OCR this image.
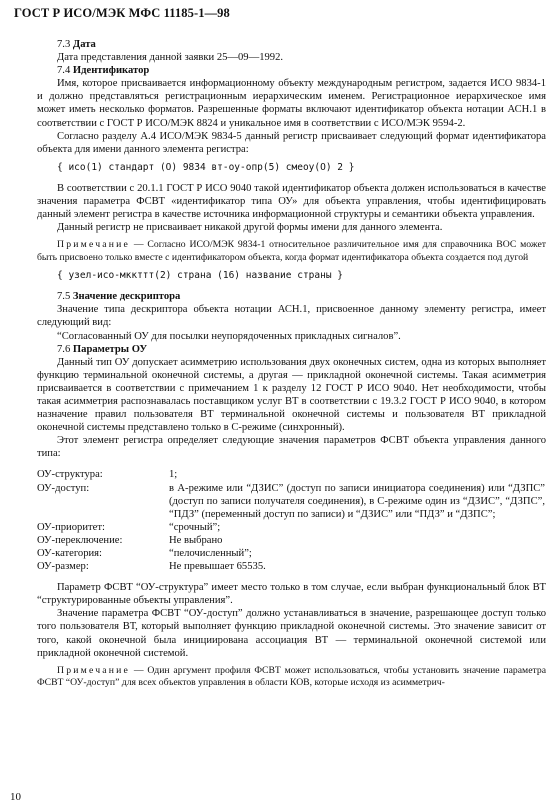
ГОСТ Р ИСО/МЭК МФС 11185-1—98

7.3 Дата

Дата представления данной заявки 25—09—1992.

7.4 Идентификатор

Имя, которое присваивается информационному объекту международным регистром, задается ИСО 9834-1 и должно представляться регистрационным иерархическим именем. Регистрационное иерархическое имя может иметь несколько форматов. Разрешенные форматы включают идентификатор объекта нотации АСН.1 в соответствии с ГОСТ Р ИСО/МЭК 8824 и уникальное имя в соответствии с ИСО/МЭК 9594-2.

Согласно разделу А.4 ИСО/МЭК 9834-5 данный регистр присваивает следующий формат идентификатора объекта для имени данного элемента регистра:

{ исо(1) стандарт (О) 9834 вт-оу-опр(5) смеоу(О) 2 }

В соответствии с 20.1.1 ГОСТ Р ИСО 9040 такой идентификатор объекта должен использоваться в качестве значения параметра ФСВТ «идентификатор типа ОУ» для объекта управления, чтобы идентифицировать данный элемент регистра в качестве источника информационной структуры и семантики объекта управления.

Данный регистр не присваивает никакой другой формы имени для данного элемента.

Примечание — Согласно ИСО/МЭК 9834-1 относительное различительное имя для справочника ВОС может быть присвоено только вместе с идентификатором объекта, когда формат идентификатора объекта создается под дугой

{ узел-исо-мккттт(2) страна (16) название страны }

7.5 Значение дескриптора

Значение типа дескриптора объекта нотации АСН.1, присвоенное данному элементу регистра, имеет следующий вид:

“Согласованный ОУ для посылки неупорядоченных прикладных сигналов”.

7.6 Параметры ОУ

Данный тип ОУ допускает асимметрию использования двух оконечных систем, одна из которых выполняет функцию терминальной оконечной системы, а другая — прикладной оконечной системы. Такая асимметрия присваивается в соответствии с примечанием 1 к разделу 12 ГОСТ Р ИСО 9040. Нет необходимости, чтобы такая асимметрия распознавалась поставщиком услуг ВТ в соответствии с 19.3.2 ГОСТ Р ИСО 9040, в котором назначение правил пользователя ВТ терминальной оконечной системы и пользователя ВТ прикладной оконечной системы представлено только в С-режиме (синхронный).

Этот элемент регистра определяет следующие значения параметров ФСВТ объекта управления данного типа:

ОУ-структура:	1;
ОУ-доступ:	в А-режиме или “ДЗИС” (доступ по записи инициатора соединения) или “ДЗПС” (доступ по записи получателя соединения), в С-режиме один из “ДЗИС”, “ДЗПС”, “ПДЗ” (переменный доступ по записи) и “ДЗИС” или “ПДЗ” и “ДЗПС”;
ОУ-приоритет:	“срочный”;
ОУ-переключение:	Не выбрано
ОУ-категория:	“пелочисленный”;
ОУ-размер:	Не превышает 65535.

Параметр ФСВТ “ОУ-структура” имеет место только в том случае, если выбран функциональный блок ВТ “структурированные объекты управления”.

Значение параметра ФСВТ “ОУ-доступ” должно устанавливаться в значение, разрешающее доступ только того пользователя ВТ, который выполняет функцию прикладной оконечной системы. Это значение зависит от того, какой оконечной была инициирована ассоциация ВТ — терминальной оконечной системой или прикладной оконечной системой.

Примечание — Один аргумент профиля ФСВТ может использоваться, чтобы установить значение параметра ФСВТ “ОУ-доступ” для всех объектов управления в области КОВ, которые исходя из асимметрич-

10
